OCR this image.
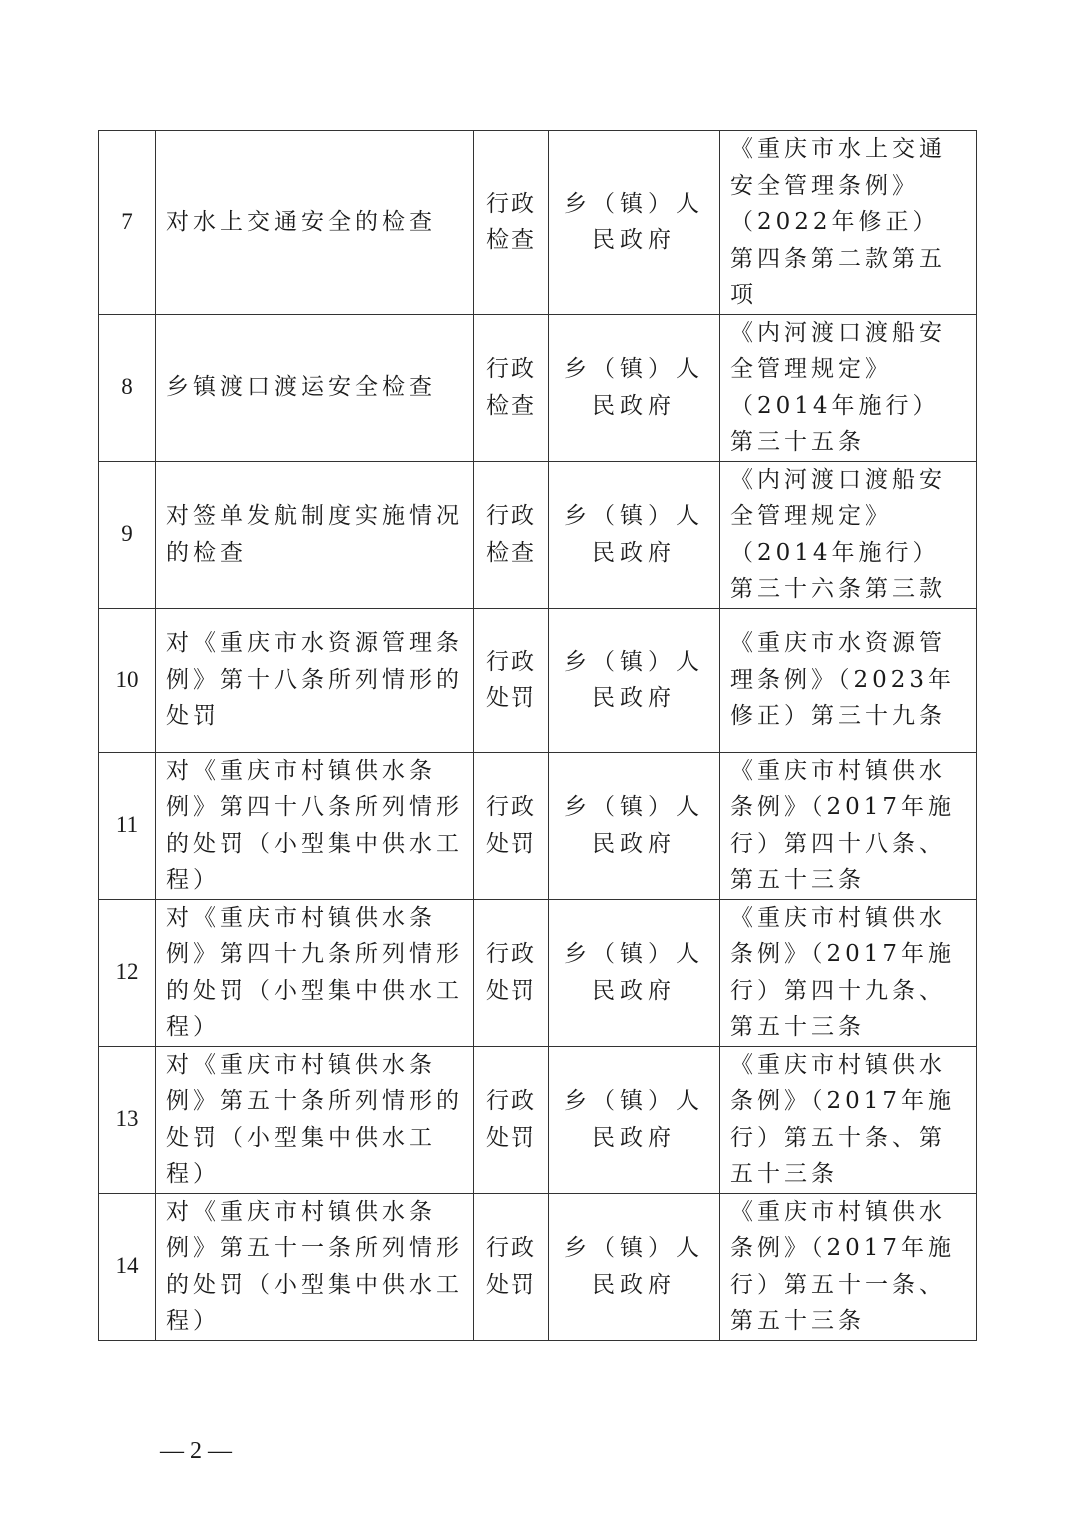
7	对水上交通安全的检查	行政检查	乡（镇）人民政府	《重庆市水上交通安全管理条例》（2022年修正）第四条第二款第五项
8	乡镇渡口渡运安全检查	行政检查	乡（镇）人民政府	《内河渡口渡船安全管理规定》（2014年施行）第三十五条
9	对签单发航制度实施情况的检查	行政检查	乡（镇）人民政府	《内河渡口渡船安全管理规定》（2014年施行）第三十六条第三款
10	对《重庆市水资源管理条例》第十八条所列情形的处罚	行政处罚	乡（镇）人民政府	《重庆市水资源管理条例》（2023年修正）第三十九条
11	对《重庆市村镇供水条例》第四十八条所列情形的处罚（小型集中供水工程）	行政处罚	乡（镇）人民政府	《重庆市村镇供水条例》（2017年施行）第四十八条、第五十三条
12	对《重庆市村镇供水条例》第四十九条所列情形的处罚（小型集中供水工程）	行政处罚	乡（镇）人民政府	《重庆市村镇供水条例》（2017年施行）第四十九条、第五十三条
13	对《重庆市村镇供水条例》第五十条所列情形的处罚（小型集中供水工程）	行政处罚	乡（镇）人民政府	《重庆市村镇供水条例》（2017年施行）第五十条、第五十三条
14	对《重庆市村镇供水条例》第五十一条所列情形的处罚（小型集中供水工程）	行政处罚	乡（镇）人民政府	《重庆市村镇供水条例》（2017年施行）第五十一条、第五十三条
— 2 —
